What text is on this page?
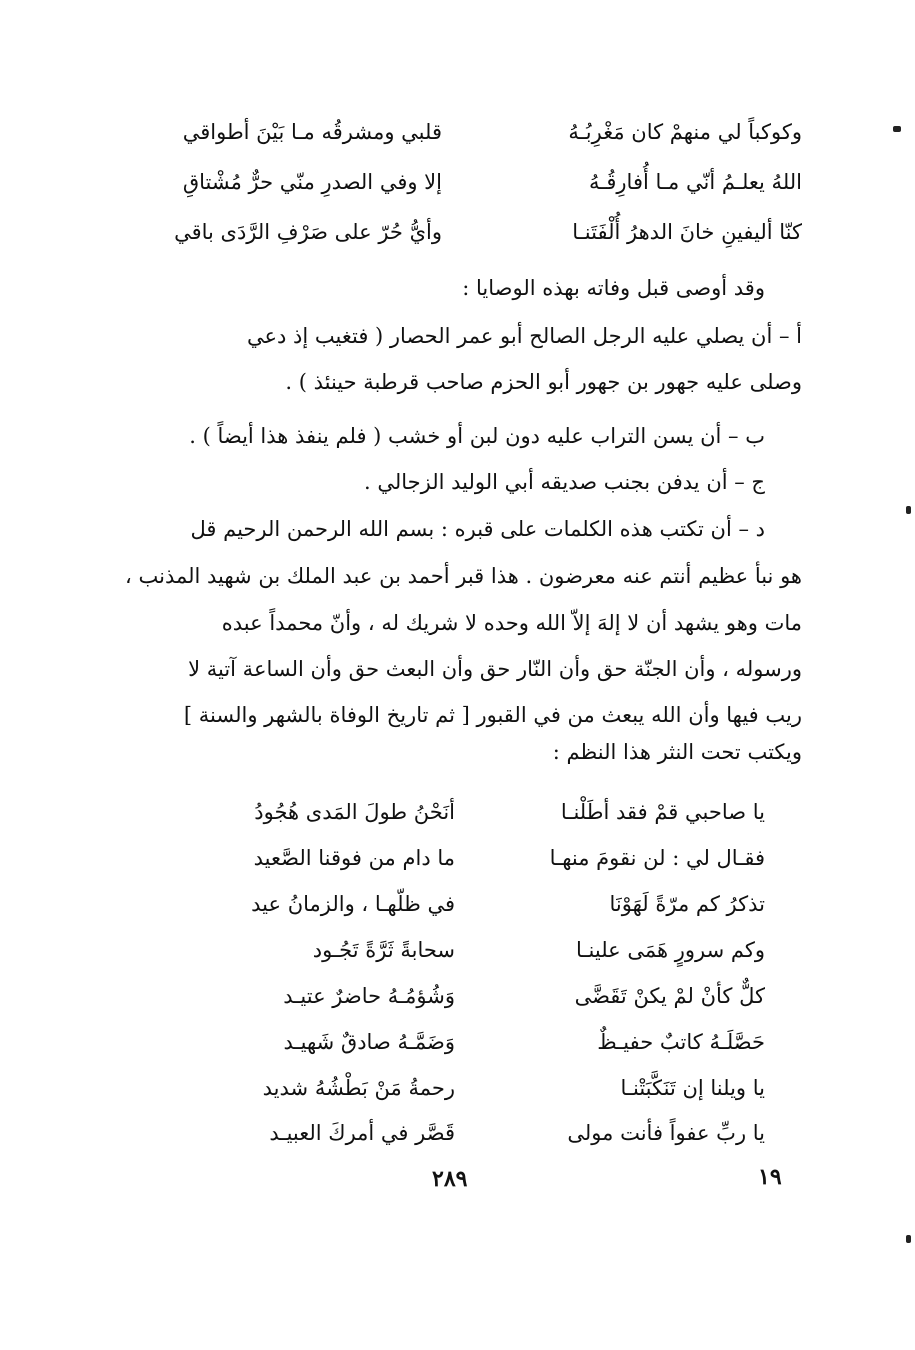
وكوكباً لي منهمْ كان مَغْرِبُـهُ
قلبي ومشرقُه مـا بَيْنَ أطواقي
اللهُ يعلـمُ أنّي مـا أُفارِقُـهُ
إلا وفي الصدرِ منّي حرٌّ مُشْتاقِ
كنّا أليفينِ خانَ الدهرُ أُلْفَتَنـا
وأيُّ حُرّ على صَرْفِ الرَّدَى باقي
وقد أوصى قبل وفاته بهذه الوصايا :
أ – أن يصلي عليه الرجل الصالح أبو عمر الحصار ( فتغيب إذ دعي
وصلى عليه جهور بن جهور أبو الحزم صاحب قرطبة حينئذ ) .
ب – أن يسن التراب عليه دون لبن أو خشب ( فلم ينفذ هذا أيضاً ) .
ج – أن يدفن بجنب صديقه أبي الوليد الزجالي .
د – أن تكتب هذه الكلمات على قبره : بسم الله الرحمن الرحيم قل
هو نبأ عظيم أنتم عنه معرضون . هذا قبر أحمد بن عبد الملك بن شهيد المذنب ،
مات وهو يشهد أن لا إلهَ إلاّ الله وحده لا شريك له ، وأنّ محمداً عبده
ورسوله ، وأن الجنّة حق وأن النّار حق وأن البعث حق وأن الساعة آتية لا
ريب فيها وأن الله يبعث من في القبور [ ثم تاريخ الوفاة بالشهر والسنة ]
ويكتب تحت النثر هذا النظم :
يا صاحبي قمْ فقد أطَلْنـا
أنَحْنُ طولَ المَدى هُجُودُ
فقـال لي : لن نقومَ منهـا
ما دام من فوقنا الصَّعيد
تذكرُ كم مرّةً لَهَوْنَا
في ظلّهـا ، والزمانُ عيد
وكم سرورٍ هَمَى علينـا
سحابةً ثَرَّةً تَجُـود
كلٌّ كأنْ لمْ يكنْ تَقَضَّى
وَشُؤمُـهُ حاضرٌ عتيـد
حَصَّلَـهُ كاتبٌ حفيـظٌ
وَضَمَّـهُ صادقٌ شَهيـد
يا ويلنا إن تَنَكَّبَتْنـا
رحمةُ مَنْ بَطْشُهُ شديد
يا ربِّ عفواً فأنت مولى
قَصَّر في أمركَ العبيـد
٢٨٩	١٩
